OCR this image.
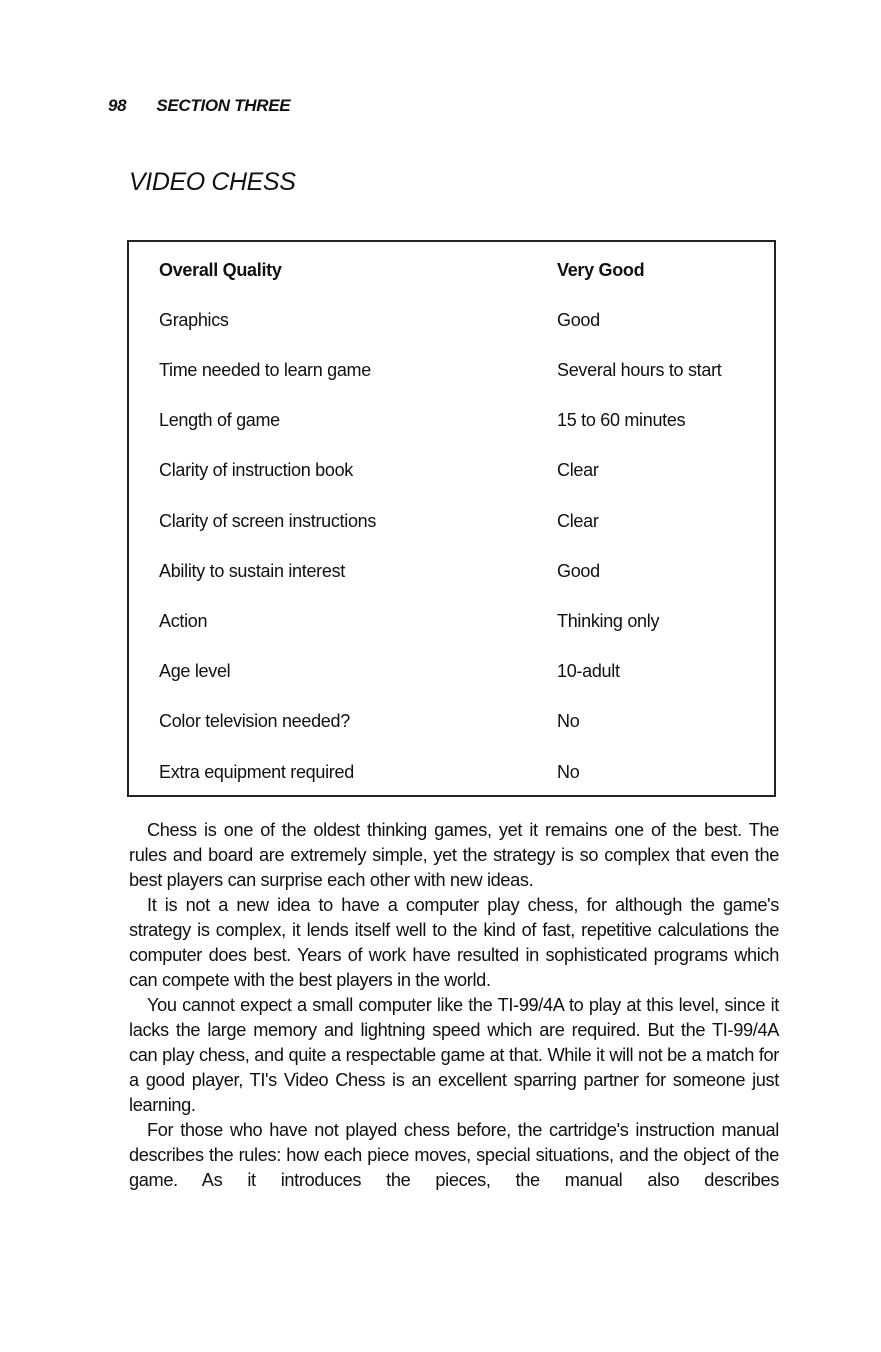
98 SECTION THREE
VIDEO CHESS
Overall Quality	Very Good
Graphics	Good
Time needed to learn game	Several hours to start
Length of game	15 to 60 minutes
Clarity of instruction book	Clear
Clarity of screen instructions	Clear
Ability to sustain interest	Good
Action	Thinking only
Age level	10-adult
Color television needed?	No
Extra equipment required	No

Chess is one of the oldest thinking games, yet it remains one of the best. The rules and board are extremely simple, yet the strategy is so complex that even the best players can surprise each other with new ideas.

It is not a new idea to have a computer play chess, for although the game's strategy is complex, it lends itself well to the kind of fast, repetitive calculations the computer does best. Years of work have resulted in sophisticated programs which can compete with the best players in the world.

You cannot expect a small computer like the TI-99/4A to play at this level, since it lacks the large memory and lightning speed which are required. But the TI-99/4A can play chess, and quite a respectable game at that. While it will not be a match for a good player, TI's Video Chess is an excellent sparring partner for someone just learning.

For those who have not played chess before, the cartridge's instruction manual describes the rules: how each piece moves, special situations, and the object of the game. As it introduces the pieces, the manual also describes
